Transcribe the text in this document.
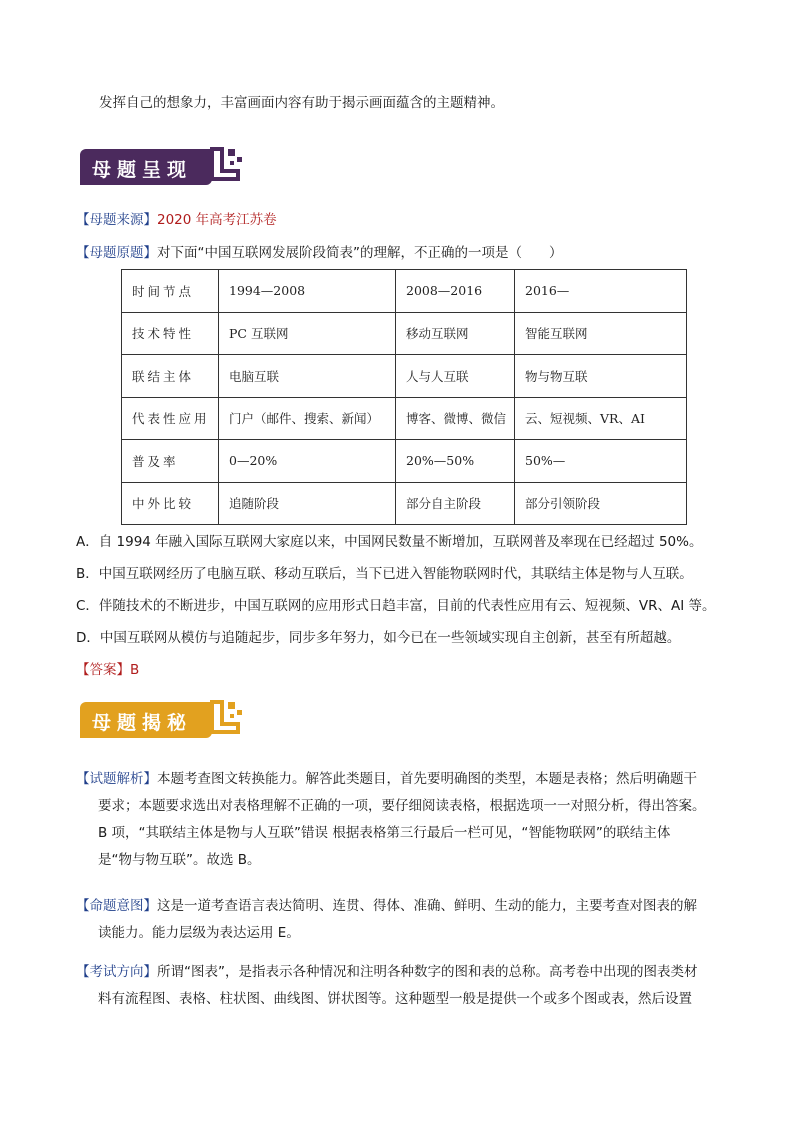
发挥自己的想象力，丰富画面内容有助于揭示画面蕴含的主题精神。
母题呈现
【母题来源】2020 年高考江苏卷
【母题原题】对下面“中国互联网发展阶段简表”的理解，不正确的一项是（　　）
时间节点	1994—2008	2008—2016	2016—
技术特性	PC 互联网	移动互联网	智能互联网
联结主体	电脑互联	人与人互联	物与物互联
代表性应用	门户（邮件、搜索、新闻）	博客、微博、微信	云、短视频、VR、AI
普及率	0—20%	20%—50%	50%—
中外比较	追随阶段	部分自主阶段	部分引领阶段
A．自 1994 年融入国际互联网大家庭以来，中国网民数量不断增加，互联网普及率现在已经超过 50%。
B．中国互联网经历了电脑互联、移动互联后，当下已进入智能物联网时代，其联结主体是物与人互联。
C．伴随技术的不断进步，中国互联网的应用形式日趋丰富，目前的代表性应用有云、短视频、VR、AI 等。
D．中国互联网从模仿与追随起步，同步多年努力，如今已在一些领域实现自主创新，甚至有所超越。
【答案】B
母题揭秘
【试题解析】本题考查图文转换能力。解答此类题目，首先要明确图的类型，本题是表格；然后明确题干
要求；本题要求选出对表格理解不正确的一项，要仔细阅读表格，根据选项一一对照分析，得出答案。
B 项，“其联结主体是物与人互联”错误 根据表格第三行最后一栏可见，“智能物联网”的联结主体
是“物与物互联”。故选 B。
【命题意图】这是一道考查语言表达简明、连贯、得体、准确、鲜明、生动的能力，主要考查对图表的解
读能力。能力层级为表达运用 E。
【考试方向】所谓“图表”，是指表示各种情况和注明各种数字的图和表的总称。高考卷中出现的图表类材
料有流程图、表格、柱状图、曲线图、饼状图等。这种题型一般是提供一个或多个图或表，然后设置
